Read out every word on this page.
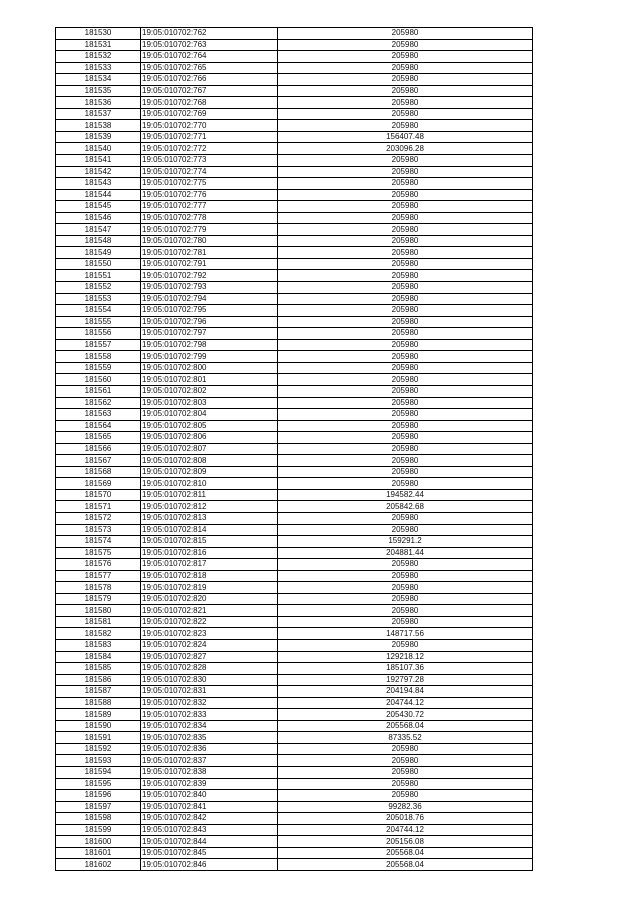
181530	19:05:010702:762	205980
181531	19:05:010702:763	205980
181532	19:05:010702:764	205980
181533	19:05:010702:765	205980
181534	19:05:010702:766	205980
181535	19:05:010702:767	205980
181536	19:05:010702:768	205980
181537	19:05:010702:769	205980
181538	19:05:010702:770	205980
181539	19:05:010702:771	156407.48
181540	19:05:010702:772	203096.28
181541	19:05:010702:773	205980
181542	19:05:010702:774	205980
181543	19:05:010702:775	205980
181544	19:05:010702:776	205980
181545	19:05:010702:777	205980
181546	19:05:010702:778	205980
181547	19:05:010702:779	205980
181548	19:05:010702:780	205980
181549	19:05:010702:781	205980
181550	19:05:010702:791	205980
181551	19:05:010702:792	205980
181552	19:05:010702:793	205980
181553	19:05:010702:794	205980
181554	19:05:010702:795	205980
181555	19:05:010702:796	205980
181556	19:05:010702:797	205980
181557	19:05:010702:798	205980
181558	19:05:010702:799	205980
181559	19:05:010702:800	205980
181560	19:05:010702:801	205980
181561	19:05:010702:802	205980
181562	19:05:010702:803	205980
181563	19:05:010702:804	205980
181564	19:05:010702:805	205980
181565	19:05:010702:806	205980
181566	19:05:010702:807	205980
181567	19:05:010702:808	205980
181568	19:05:010702:809	205980
181569	19:05:010702:810	205980
181570	19:05:010702:811	194582.44
181571	19:05:010702:812	205842.68
181572	19:05:010702:813	205980
181573	19:05:010702:814	205980
181574	19:05:010702:815	159291.2
181575	19:05:010702:816	204881.44
181576	19:05:010702:817	205980
181577	19:05:010702:818	205980
181578	19:05:010702:819	205980
181579	19:05:010702:820	205980
181580	19:05:010702:821	205980
181581	19:05:010702:822	205980
181582	19:05:010702:823	148717.56
181583	19:05:010702:824	205980
181584	19:05:010702:827	129218.12
181585	19:05:010702:828	185107.36
181586	19:05:010702:830	192797.28
181587	19:05:010702:831	204194.84
181588	19:05:010702:832	204744.12
181589	19:05:010702:833	205430.72
181590	19:05:010702:834	205568.04
181591	19:05:010702:835	87335.52
181592	19:05:010702:836	205980
181593	19:05:010702:837	205980
181594	19:05:010702:838	205980
181595	19:05:010702:839	205980
181596	19:05:010702:840	205980
181597	19:05:010702:841	99282.36
181598	19:05:010702:842	205018.76
181599	19:05:010702:843	204744.12
181600	19:05:010702:844	205156.08
181601	19:05:010702:845	205568.04
181602	19:05:010702:846	205568.04
